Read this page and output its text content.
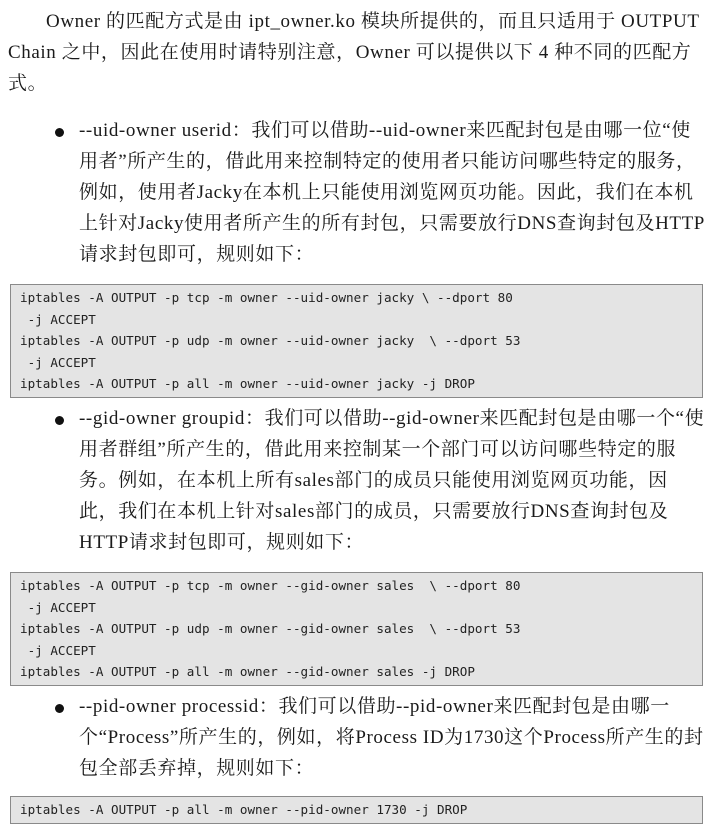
Owner 的匹配方式是由 ipt_owner.ko 模块所提供的，而且只适用于 OUTPUT Chain 之中，因此在使用时请特别注意，Owner 可以提供以下 4 种不同的匹配方式。

--uid-owner userid：我们可以借助--uid-owner来匹配封包是由哪一位“使用者”所产生的，借此用来控制特定的使用者只能访问哪些特定的服务，例如，使用者Jacky在本机上只能使用浏览网页功能。因此，我们在本机上针对Jacky使用者所产生的所有封包，只需要放行DNS查询封包及HTTP请求封包即可，规则如下：

iptables -A OUTPUT -p tcp -m owner --uid-owner jacky \ --dport 80
-j ACCEPT
iptables -A OUTPUT -p udp -m owner --uid-owner jacky  \ --dport 53
-j ACCEPT
iptables -A OUTPUT -p all -m owner --uid-owner jacky -j DROP

--gid-owner groupid：我们可以借助--gid-owner来匹配封包是由哪一个“使用者群组”所产生的，借此用来控制某一个部门可以访问哪些特定的服务。例如，在本机上所有sales部门的成员只能使用浏览网页功能，因此，我们在本机上针对sales部门的成员，只需要放行DNS查询封包及HTTP请求封包即可，规则如下：

iptables -A OUTPUT -p tcp -m owner --gid-owner sales  \ --dport 80
-j ACCEPT
iptables -A OUTPUT -p udp -m owner --gid-owner sales  \ --dport 53
-j ACCEPT
iptables -A OUTPUT -p all -m owner --gid-owner sales -j DROP

--pid-owner processid：我们可以借助--pid-owner来匹配封包是由哪一个“Process”所产生的，例如，将Process ID为1730这个Process所产生的封包全部丢弃掉，规则如下：

iptables -A OUTPUT -p all -m owner --pid-owner 1730 -j DROP
